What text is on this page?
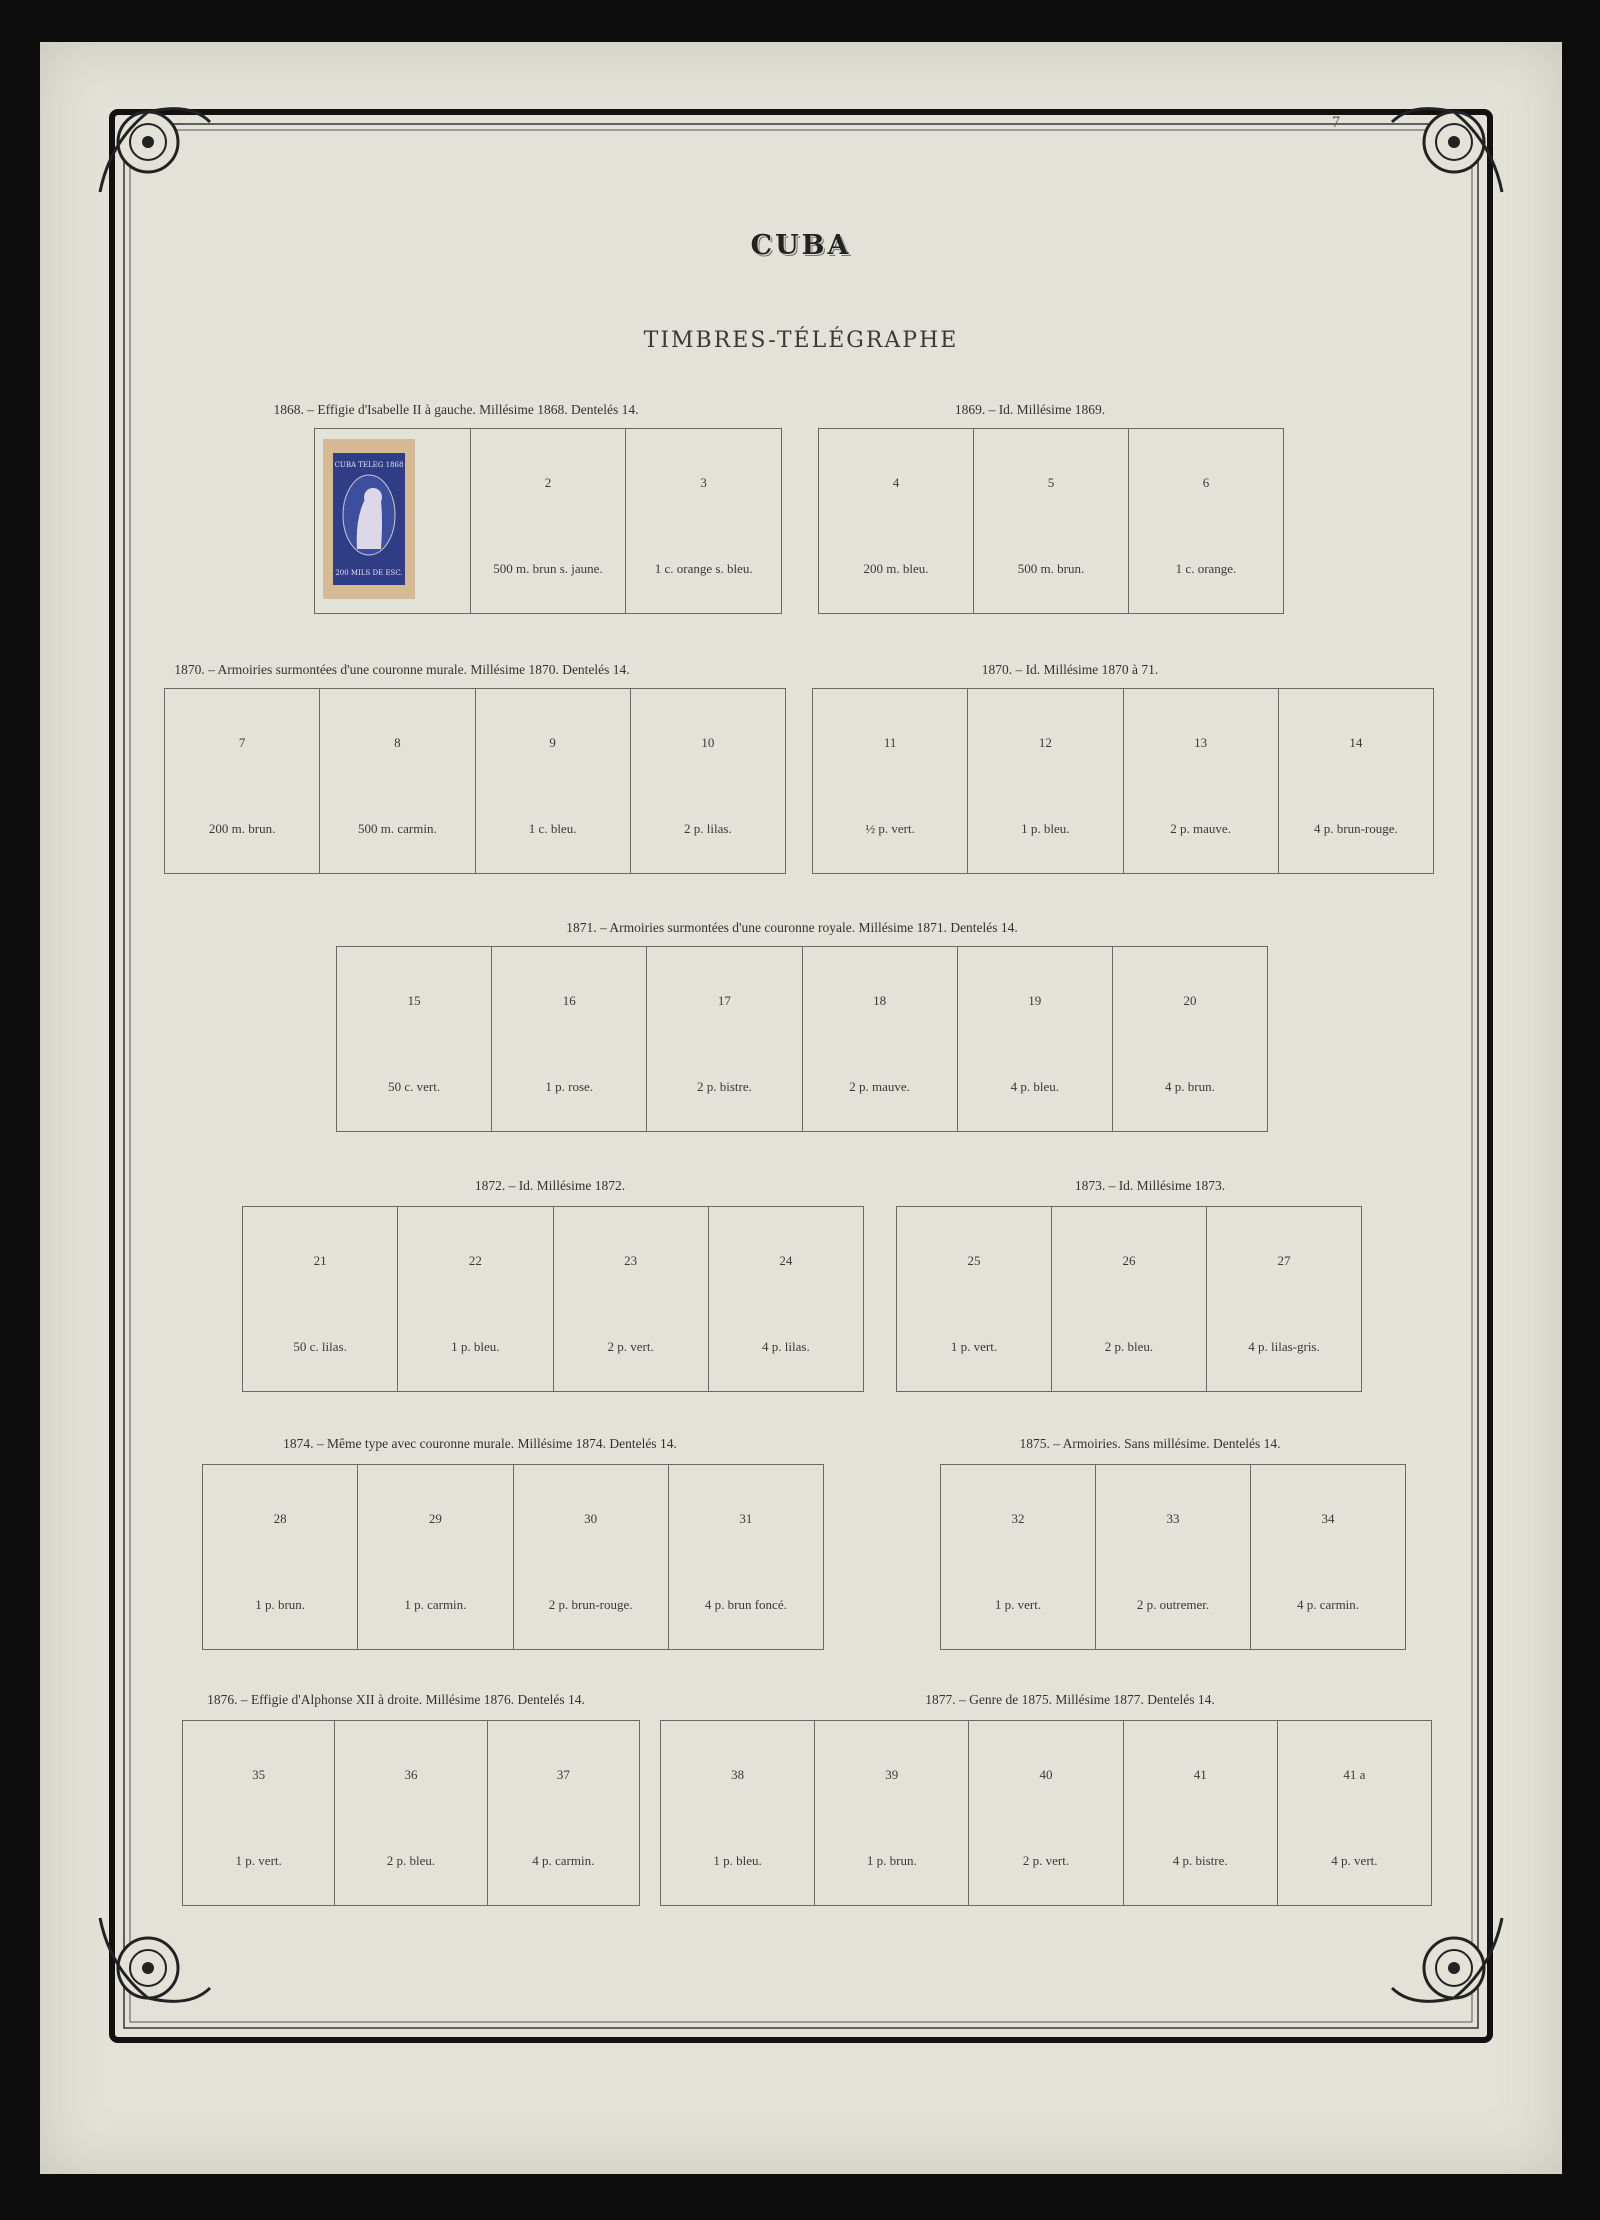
7
CUBA
TIMBRES-TÉLÉGRAPHE
1868. – Effigie d'Isabelle II à gauche. Millésime 1868. Dentelés 14.
CUBA TELEG 1868
200 MILS DE ESC.
2
500 m. brun s. jaune.
3
1 c. orange s. bleu.
1869. – Id. Millésime 1869.
4
200 m. bleu.
5
500 m. brun.
6
1 c. orange.
1870. – Armoiries surmontées d'une couronne murale. Millésime 1870. Dentelés 14.
7
200 m. brun.
8
500 m. carmin.
9
1 c. bleu.
10
2 p. lilas.
1870. – Id. Millésime 1870 à 71.
11
½ p. vert.
12
1 p. bleu.
13
2 p. mauve.
14
4 p. brun-rouge.
1871. – Armoiries surmontées d'une couronne royale. Millésime 1871. Dentelés 14.
15
50 c. vert.
16
1 p. rose.
17
2 p. bistre.
18
2 p. mauve.
19
4 p. bleu.
20
4 p. brun.
1872. – Id. Millésime 1872.
21
50 c. lilas.
22
1 p. bleu.
23
2 p. vert.
24
4 p. lilas.
1873. – Id. Millésime 1873.
25
1 p. vert.
26
2 p. bleu.
27
4 p. lilas-gris.
1874. – Même type avec couronne murale. Millésime 1874. Dentelés 14.
28
1 p. brun.
29
1 p. carmin.
30
2 p. brun-rouge.
31
4 p. brun foncé.
1875. – Armoiries. Sans millésime. Dentelés 14.
32
1 p. vert.
33
2 p. outremer.
34
4 p. carmin.
1876. – Effigie d'Alphonse XII à droite. Millésime 1876. Dentelés 14.
35
1 p. vert.
36
2 p. bleu.
37
4 p. carmin.
1877. – Genre de 1875. Millésime 1877. Dentelés 14.
38
1 p. bleu.
39
1 p. brun.
40
2 p. vert.
41
4 p. bistre.
41 a
4 p. vert.
